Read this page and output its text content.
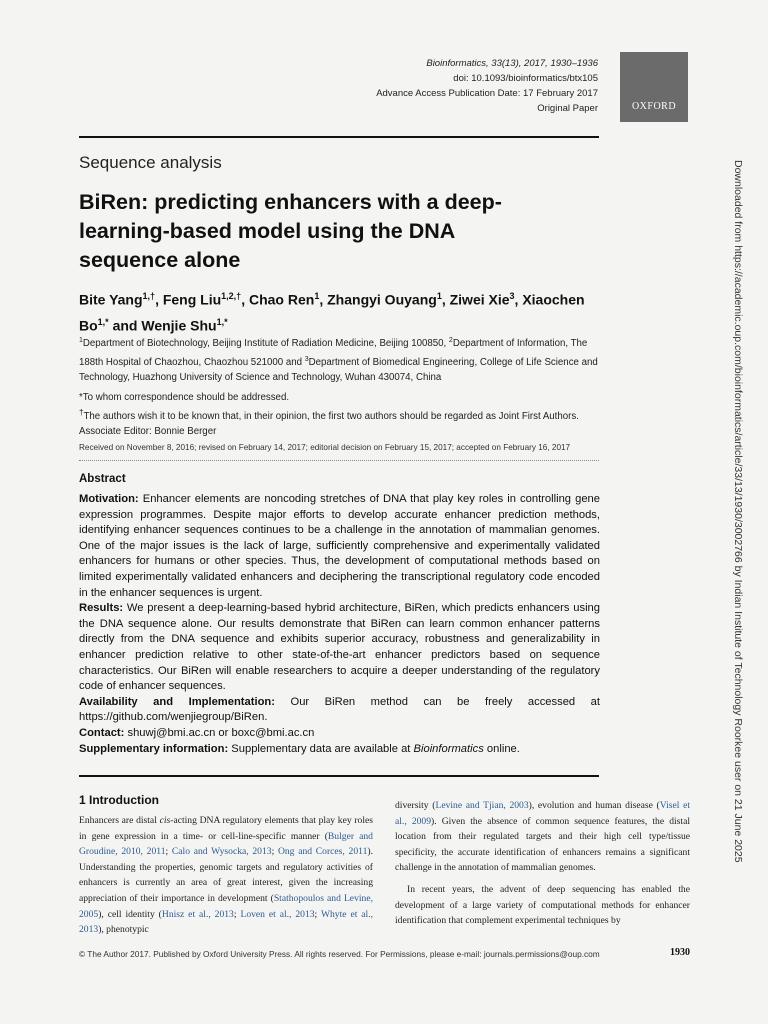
Bioinformatics, 33(13), 2017, 1930–1936
doi: 10.1093/bioinformatics/btx105
Advance Access Publication Date: 17 February 2017
Original Paper	OXFORD
Sequence analysis
BiRen: predicting enhancers with a deep-learning-based model using the DNA sequence alone
Bite Yang$^{1,\dagger}$, Feng Liu$^{1,2,\dagger}$, Chao Ren$^1$, Zhangyi Ouyang$^1$, Ziwei Xie$^3$, Xiaochen $Bo^{1,*}$ and Wenjie Shu$^{1,*}$
$^1$Department of Biotechnology, Beijing Institute of Radiation Medicine, Beijing 100850, $^2$Department of Information, The 188th Hospital of Chaozhou, Chaozhou 521000 and $^3$Department of Biomedical Engineering, College of Life Science and Technology, Huazhong University of Science and Technology, Wuhan 430074, China
*To whom correspondence should be addressed.
†The authors wish it to be known that, in their opinion, the first two authors should be regarded as Joint First Authors.
Associate Editor: Bonnie Berger
Received on November 8, 2016; revised on February 14, 2017; editorial decision on February 15, 2017; accepted on February 16, 2017
Abstract

Motivation: Enhancer elements are noncoding stretches of DNA that play key roles in controlling gene expression programmes. Despite major efforts to develop accurate enhancer prediction methods, identifying enhancer sequences continues to be a challenge in the annotation of mammalian genomes. One of the major issues is the lack of large, sufficiently comprehensive and experimentally validated enhancers for humans or other species. Thus, the development of computational methods based on limited experimentally validated enhancers and deciphering the transcriptional regulatory code encoded in the enhancer sequences is urgent.

Results: We present a deep-learning-based hybrid architecture, BiRen, which predicts enhancers using the DNA sequence alone. Our results demonstrate that BiRen can learn common enhancer patterns directly from the DNA sequence and exhibits superior accuracy, robustness and generalizability in enhancer prediction relative to other state-of-the-art enhancer predictors based on sequence characteristics. Our BiRen will enable researchers to acquire a deeper understanding of the regulatory code of enhancer sequences.

Availability and Implementation: Our BiRen method can be freely accessed at https://github.com/wenjiegroup/BiRen.

Contact: shuwj@bmi.ac.cn or boxc@bmi.ac.cn

Supplementary information: Supplementary data are available at Bioinformatics online.

1 Introduction

Enhancers are distal cis-acting DNA regulatory elements that play key roles in gene expression in a time- or cell-line-specific manner (Bulger and Groudine, 2010, 2011; Calo and Wysocka, 2013; Ong and Corces, 2011). Understanding the properties, genomic targets and regulatory activities of enhancers is currently an area of great interest, given the increasing appreciation of their importance in development (Stathopoulos and Levine, 2005), cell identity (Hnisz et al., 2013; Loven et al., 2013; Whyte et al., 2013), phenotypic

diversity (Levine and Tjian, 2003), evolution and human disease (Visel et al., 2009). Given the absence of common sequence features, the distal location from their regulated targets and their high cell type/tissue specificity, the accurate identification of enhancers remains a significant challenge in the annotation of mammalian genomes.

In recent years, the advent of deep sequencing has enabled the development of a large variety of computational methods for enhancer identification that complement experimental techniques by

© The Author 2017. Published by Oxford University Press. All rights reserved. For Permissions, please e-mail: journals.permissions@oup.com	1930
Downloaded from https://academic.oup.com/bioinformatics/article/33/13/1930/3002766 by Indian Institute of Technology Roorkee user on 21 June 2025
